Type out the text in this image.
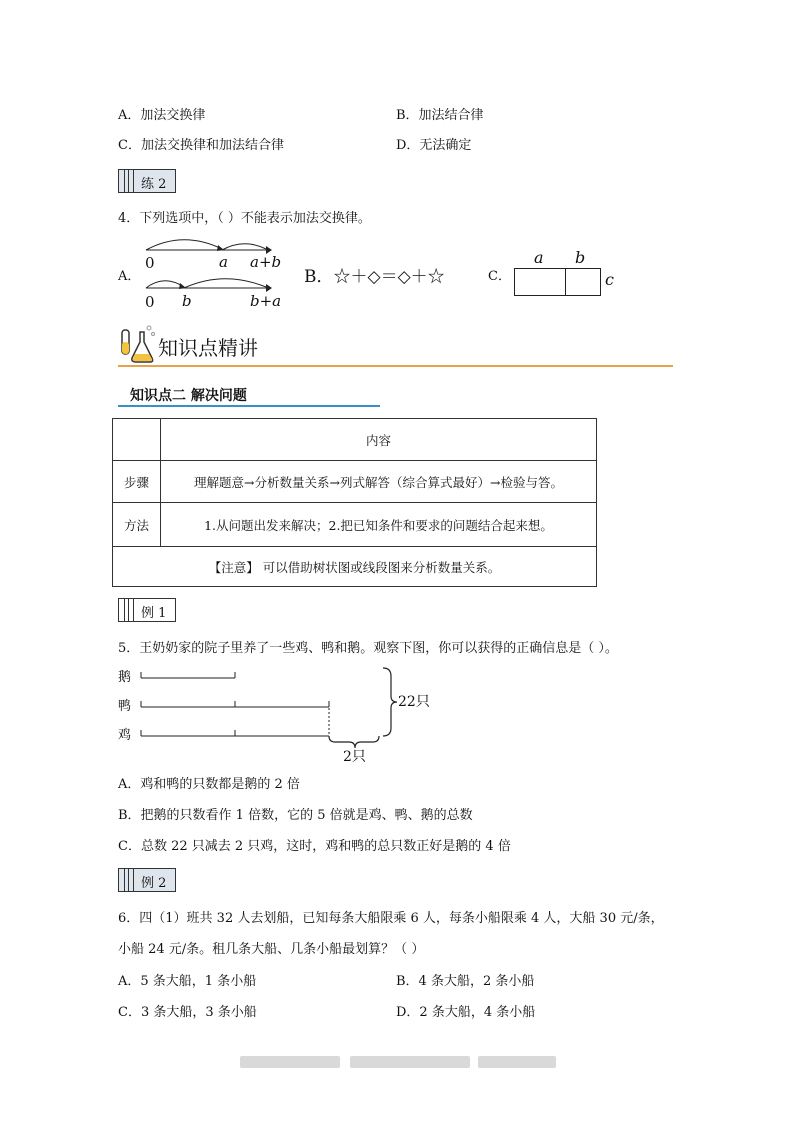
A．加法交换律	B．加法结合律
C．加法交换律和加法结合律	D．无法确定
练 2
4．下列选项中，（ ）不能表示加法交换律。
A．
0	a a+b
0 b	b+a
B．☆＋◇＝◇＋☆	C．
a b
c
知识点精讲
知识点二 解决问题
	内容
步骤	理解题意→分析数量关系→列式解答（综合算式最好）→检验与答。
方法	1.从问题出发来解决；2.把已知条件和要求的问题结合起来想。
【注意】 可以借助树状图或线段图来分析数量关系。	
例 1
5．王奶奶家的院子里养了一些鸡、鸭和鹅。观察下图，你可以获得的正确信息是（ ）。
鹅
鸭
鸡
22只
2只
A．鸡和鸭的只数都是鹅的 2 倍
B．把鹅的只数看作 1 倍数，它的 5 倍就是鸡、鸭、鹅的总数
C．总数 22 只减去 2 只鸡，这时，鸡和鸭的总只数正好是鹅的 4 倍
例 2
6．四（1）班共 32 人去划船，已知每条大船限乘 6 人，每条小船限乘 4 人，大船 30 元/条，
小船 24 元/条。租几条大船、几条小船最划算？（ ）
A．5 条大船，1 条小船	B．4 条大船，2 条小船
C．3 条大船，3 条小船	D．2 条大船，4 条小船
